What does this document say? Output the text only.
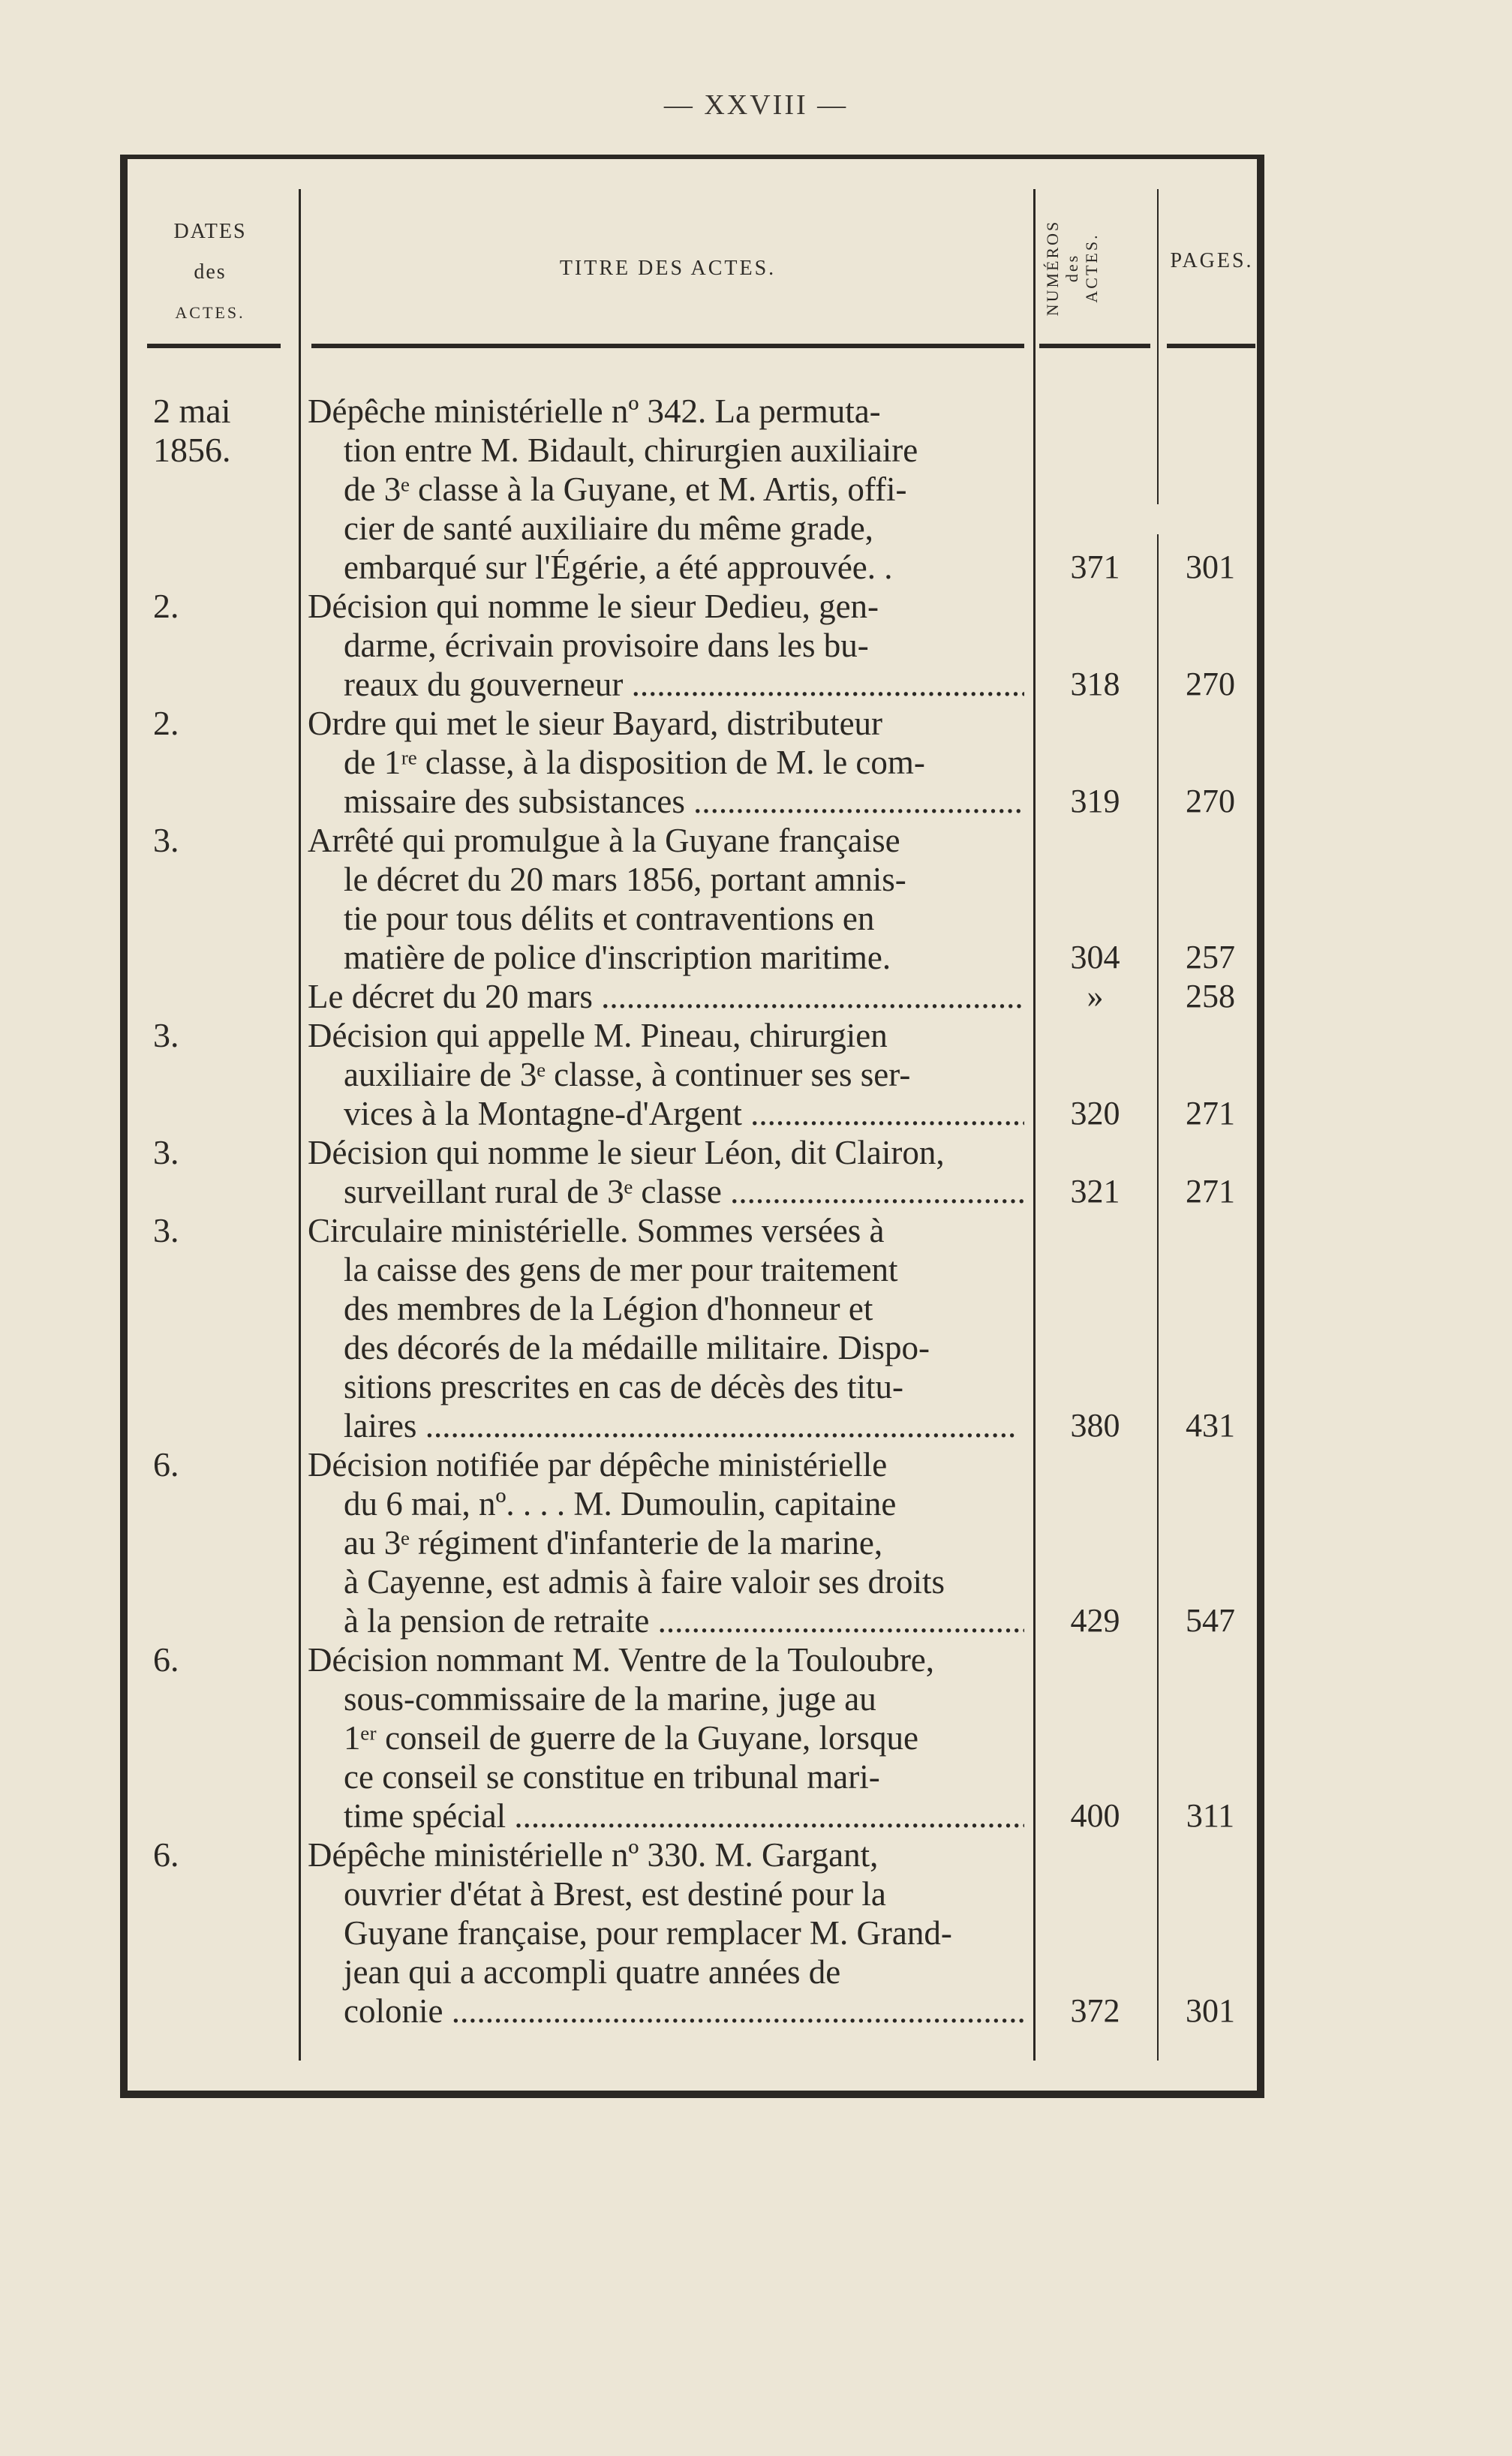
— XXVIII —
DATES
des
ACTES.
TITRE DES ACTES.	NUMÉROS des ACTES.	PAGES.
2 mai
1856.
Dépêche ministérielle nº 342. La permuta-
tion entre M. Bidault, chirurgien auxiliaire
de 3ᵉ classe à la Guyane, et M. Artis, offi-
cier de santé auxiliaire du même grade,
embarqué sur l'Égérie, a été approuvée. .	371	301
2.	Décision qui nomme le sieur Dedieu, gen-
darme, écrivain provisoire dans les bu-
reaux du gouverneur .....	318	270
2.	Ordre qui met le sieur Bayard, distributeur
de 1ʳᵉ classe, à la disposition de M. le com-
missaire des subsistances .....	319	270
3.	Arrêté qui promulgue à la Guyane française
le décret du 20 mars 1856, portant amnis-
tie pour tous délits et contraventions en
matière de police d'inscription maritime.	304	257
Le décret du 20 mars .....	»	258
3.	Décision qui appelle M. Pineau, chirurgien
auxiliaire de 3ᵉ classe, à continuer ses ser-
vices à la Montagne-d'Argent .....	320	271
3.	Décision qui nomme le sieur Léon, dit Clairon,
surveillant rural de 3ᵉ classe .....	321	271
3.	Circulaire ministérielle. Sommes versées à
la caisse des gens de mer pour traitement
des membres de la Légion d'honneur et
des décorés de la médaille militaire. Dispo-
sitions prescrites en cas de décès des titu-
laires .....	380	431
6.	Décision notifiée par dépêche ministérielle
du 6 mai, nº. . . . M. Dumoulin, capitaine
au 3ᵉ régiment d'infanterie de la marine,
à Cayenne, est admis à faire valoir ses droits
à la pension de retraite .....	429	547
6.	Décision nommant M. Ventre de la Touloubre,
sous-commissaire de la marine, juge au
1ᵉʳ conseil de guerre de la Guyane, lorsque
ce conseil se constitue en tribunal mari-
time spécial .....	400	311
6.	Dépêche ministérielle nº 330. M. Gargant,
ouvrier d'état à Brest, est destiné pour la
Guyane française, pour remplacer M. Grand-
jean qui a accompli quatre années de
colonie .....	372	301
